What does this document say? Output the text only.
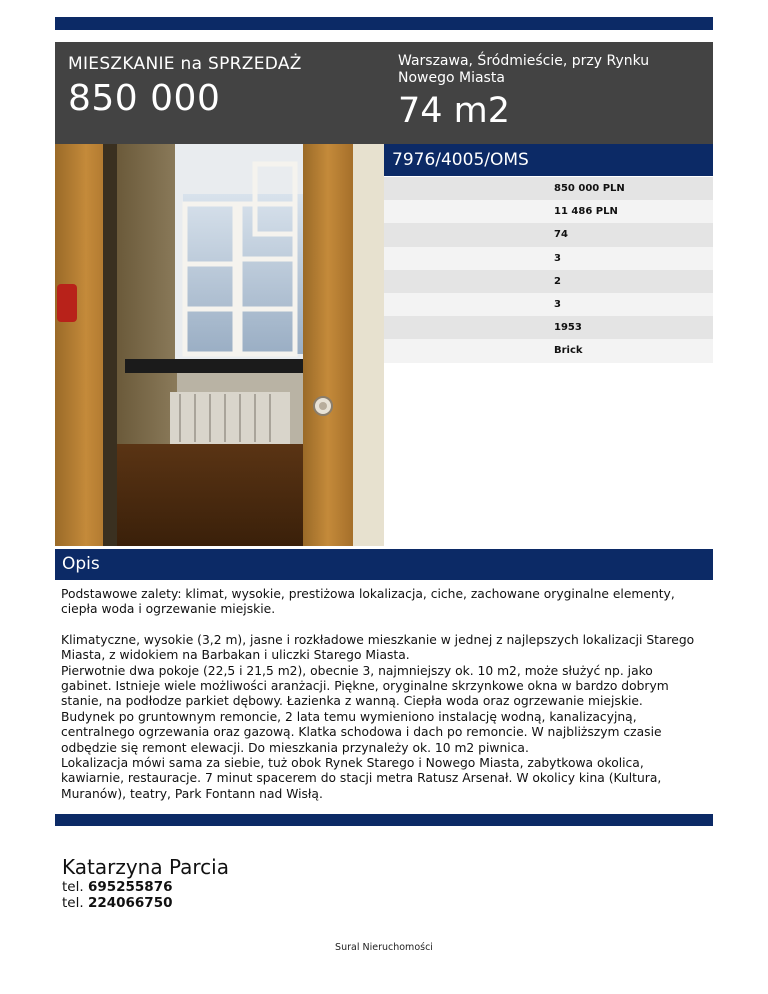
MIESZKANIE na SPRZEDAŻ
850 000
Warszawa, Śródmieście, przy Rynku Nowego Miasta
74 m2
7976/4005/OMS
850 000 PLN
11 486 PLN
74
3
2
3
1953
Brick
Opis

Podstawowe zalety: klimat, wysokie, prestiżowa lokalizacja, ciche, zachowane oryginalne elementy, ciepła woda i ogrzewanie miejskie.

Klimatyczne, wysokie (3,2 m), jasne i rozkładowe mieszkanie w jednej z najlepszych lokalizacji Starego Miasta, z widokiem na Barbakan i uliczki Starego Miasta.

Pierwotnie dwa pokoje (22,5 i 21,5 m2), obecnie 3, najmniejszy ok. 10 m2, może służyć np. jako gabinet. Istnieje wiele możliwości aranżacji. Piękne, oryginalne skrzynkowe okna w bardzo dobrym stanie, na podłodze parkiet dębowy. Łazienka z wanną. Ciepła woda oraz ogrzewanie miejskie.

Budynek po gruntownym remoncie, 2 lata temu wymieniono instalację wodną, kanalizacyjną, centralnego ogrzewania oraz gazową. Klatka schodowa i dach po remoncie. W najbliższym czasie odbędzie się remont elewacji. Do mieszkania przynależy ok. 10 m2 piwnica.

Lokalizacja mówi sama za siebie, tuż obok Rynek Starego i Nowego Miasta, zabytkowa okolica, kawiarnie, restauracje. 7 minut spacerem do stacji metra Ratusz Arsenał. W okolicy kina (Kultura, Muranów), teatry, Park Fontann nad Wisłą.

Katarzyna Parcia
tel. 695255876
tel. 224066750
Sural Nieruchomości
